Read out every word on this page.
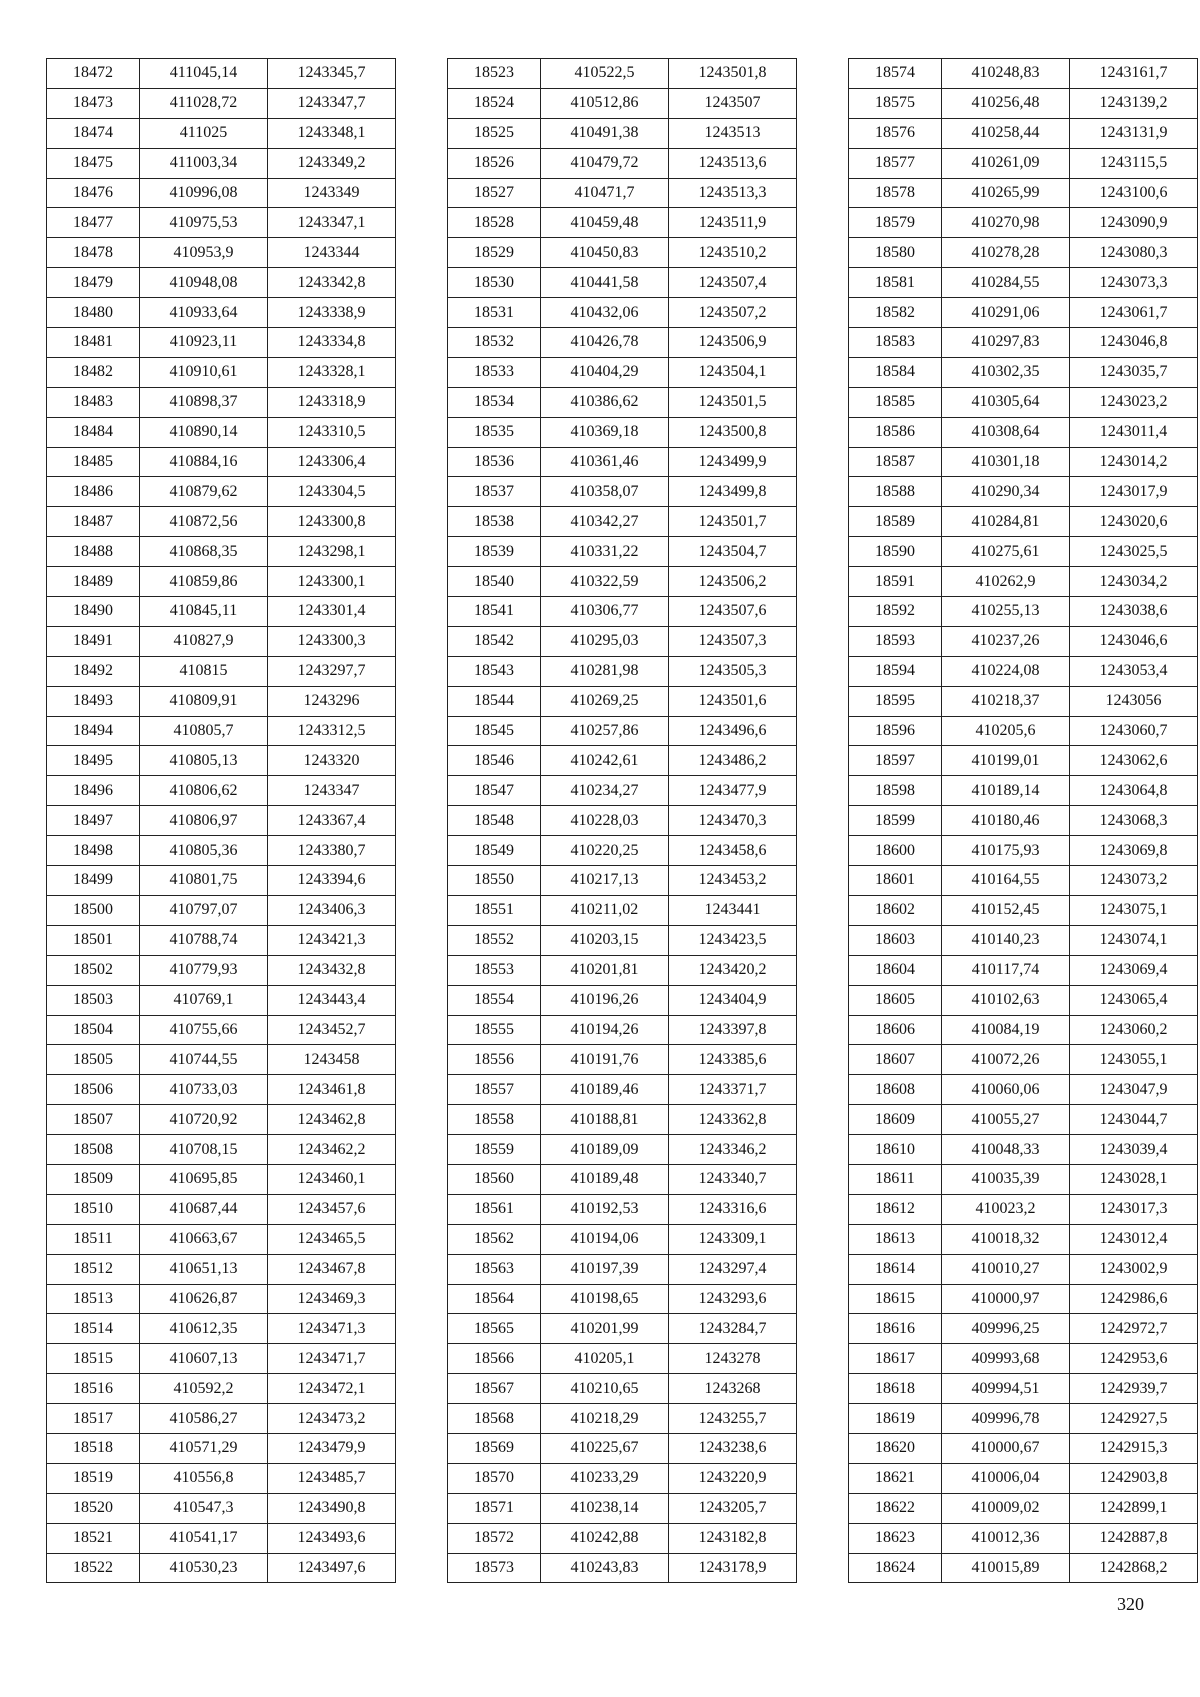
18472	411045,14	1243345,7
18473	411028,72	1243347,7
18474	411025	1243348,1
18475	411003,34	1243349,2
18476	410996,08	1243349
18477	410975,53	1243347,1
18478	410953,9	1243344
18479	410948,08	1243342,8
18480	410933,64	1243338,9
18481	410923,11	1243334,8
18482	410910,61	1243328,1
18483	410898,37	1243318,9
18484	410890,14	1243310,5
18485	410884,16	1243306,4
18486	410879,62	1243304,5
18487	410872,56	1243300,8
18488	410868,35	1243298,1
18489	410859,86	1243300,1
18490	410845,11	1243301,4
18491	410827,9	1243300,3
18492	410815	1243297,7
18493	410809,91	1243296
18494	410805,7	1243312,5
18495	410805,13	1243320
18496	410806,62	1243347
18497	410806,97	1243367,4
18498	410805,36	1243380,7
18499	410801,75	1243394,6
18500	410797,07	1243406,3
18501	410788,74	1243421,3
18502	410779,93	1243432,8
18503	410769,1	1243443,4
18504	410755,66	1243452,7
18505	410744,55	1243458
18506	410733,03	1243461,8
18507	410720,92	1243462,8
18508	410708,15	1243462,2
18509	410695,85	1243460,1
18510	410687,44	1243457,6
18511	410663,67	1243465,5
18512	410651,13	1243467,8
18513	410626,87	1243469,3
18514	410612,35	1243471,3
18515	410607,13	1243471,7
18516	410592,2	1243472,1
18517	410586,27	1243473,2
18518	410571,29	1243479,9
18519	410556,8	1243485,7
18520	410547,3	1243490,8
18521	410541,17	1243493,6
18522	410530,23	1243497,6
18523	410522,5	1243501,8
18524	410512,86	1243507
18525	410491,38	1243513
18526	410479,72	1243513,6
18527	410471,7	1243513,3
18528	410459,48	1243511,9
18529	410450,83	1243510,2
18530	410441,58	1243507,4
18531	410432,06	1243507,2
18532	410426,78	1243506,9
18533	410404,29	1243504,1
18534	410386,62	1243501,5
18535	410369,18	1243500,8
18536	410361,46	1243499,9
18537	410358,07	1243499,8
18538	410342,27	1243501,7
18539	410331,22	1243504,7
18540	410322,59	1243506,2
18541	410306,77	1243507,6
18542	410295,03	1243507,3
18543	410281,98	1243505,3
18544	410269,25	1243501,6
18545	410257,86	1243496,6
18546	410242,61	1243486,2
18547	410234,27	1243477,9
18548	410228,03	1243470,3
18549	410220,25	1243458,6
18550	410217,13	1243453,2
18551	410211,02	1243441
18552	410203,15	1243423,5
18553	410201,81	1243420,2
18554	410196,26	1243404,9
18555	410194,26	1243397,8
18556	410191,76	1243385,6
18557	410189,46	1243371,7
18558	410188,81	1243362,8
18559	410189,09	1243346,2
18560	410189,48	1243340,7
18561	410192,53	1243316,6
18562	410194,06	1243309,1
18563	410197,39	1243297,4
18564	410198,65	1243293,6
18565	410201,99	1243284,7
18566	410205,1	1243278
18567	410210,65	1243268
18568	410218,29	1243255,7
18569	410225,67	1243238,6
18570	410233,29	1243220,9
18571	410238,14	1243205,7
18572	410242,88	1243182,8
18573	410243,83	1243178,9
18574	410248,83	1243161,7
18575	410256,48	1243139,2
18576	410258,44	1243131,9
18577	410261,09	1243115,5
18578	410265,99	1243100,6
18579	410270,98	1243090,9
18580	410278,28	1243080,3
18581	410284,55	1243073,3
18582	410291,06	1243061,7
18583	410297,83	1243046,8
18584	410302,35	1243035,7
18585	410305,64	1243023,2
18586	410308,64	1243011,4
18587	410301,18	1243014,2
18588	410290,34	1243017,9
18589	410284,81	1243020,6
18590	410275,61	1243025,5
18591	410262,9	1243034,2
18592	410255,13	1243038,6
18593	410237,26	1243046,6
18594	410224,08	1243053,4
18595	410218,37	1243056
18596	410205,6	1243060,7
18597	410199,01	1243062,6
18598	410189,14	1243064,8
18599	410180,46	1243068,3
18600	410175,93	1243069,8
18601	410164,55	1243073,2
18602	410152,45	1243075,1
18603	410140,23	1243074,1
18604	410117,74	1243069,4
18605	410102,63	1243065,4
18606	410084,19	1243060,2
18607	410072,26	1243055,1
18608	410060,06	1243047,9
18609	410055,27	1243044,7
18610	410048,33	1243039,4
18611	410035,39	1243028,1
18612	410023,2	1243017,3
18613	410018,32	1243012,4
18614	410010,27	1243002,9
18615	410000,97	1242986,6
18616	409996,25	1242972,7
18617	409993,68	1242953,6
18618	409994,51	1242939,7
18619	409996,78	1242927,5
18620	410000,67	1242915,3
18621	410006,04	1242903,8
18622	410009,02	1242899,1
18623	410012,36	1242887,8
18624	410015,89	1242868,2
320
